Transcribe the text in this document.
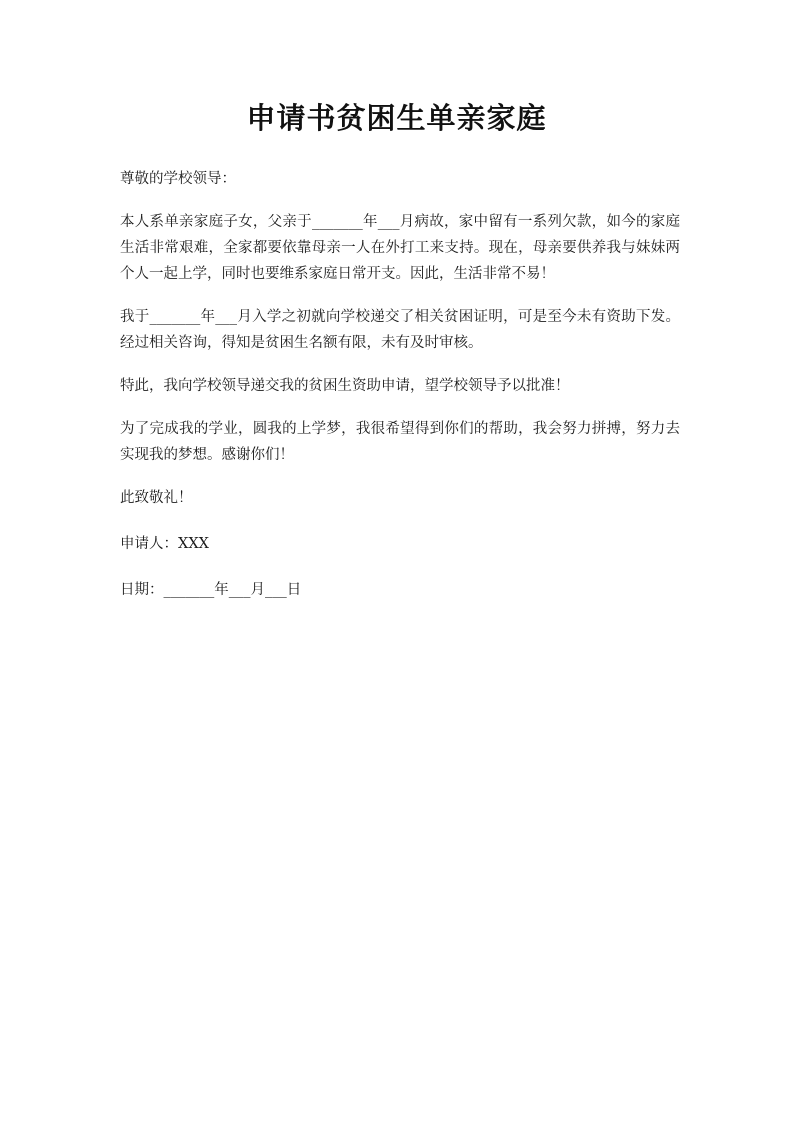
申请书贫困生单亲家庭

尊敬的学校领导：

本人系单亲家庭子女，父亲于_______年___月病故，家中留有一系列欠款，如今的家庭生活非常艰难，全家都要依靠母亲一人在外打工来支持。现在，母亲要供养我与妹妹两个人一起上学，同时也要维系家庭日常开支。因此，生活非常不易！

我于_______年___月入学之初就向学校递交了相关贫困证明，可是至今未有资助下发。经过相关咨询，得知是贫困生名额有限，未有及时审核。

特此，我向学校领导递交我的贫困生资助申请，望学校领导予以批准！

为了完成我的学业，圆我的上学梦，我很希望得到你们的帮助，我会努力拼搏，努力去实现我的梦想。感谢你们！

此致敬礼！

申请人：XXX

日期：_______年___月___日
